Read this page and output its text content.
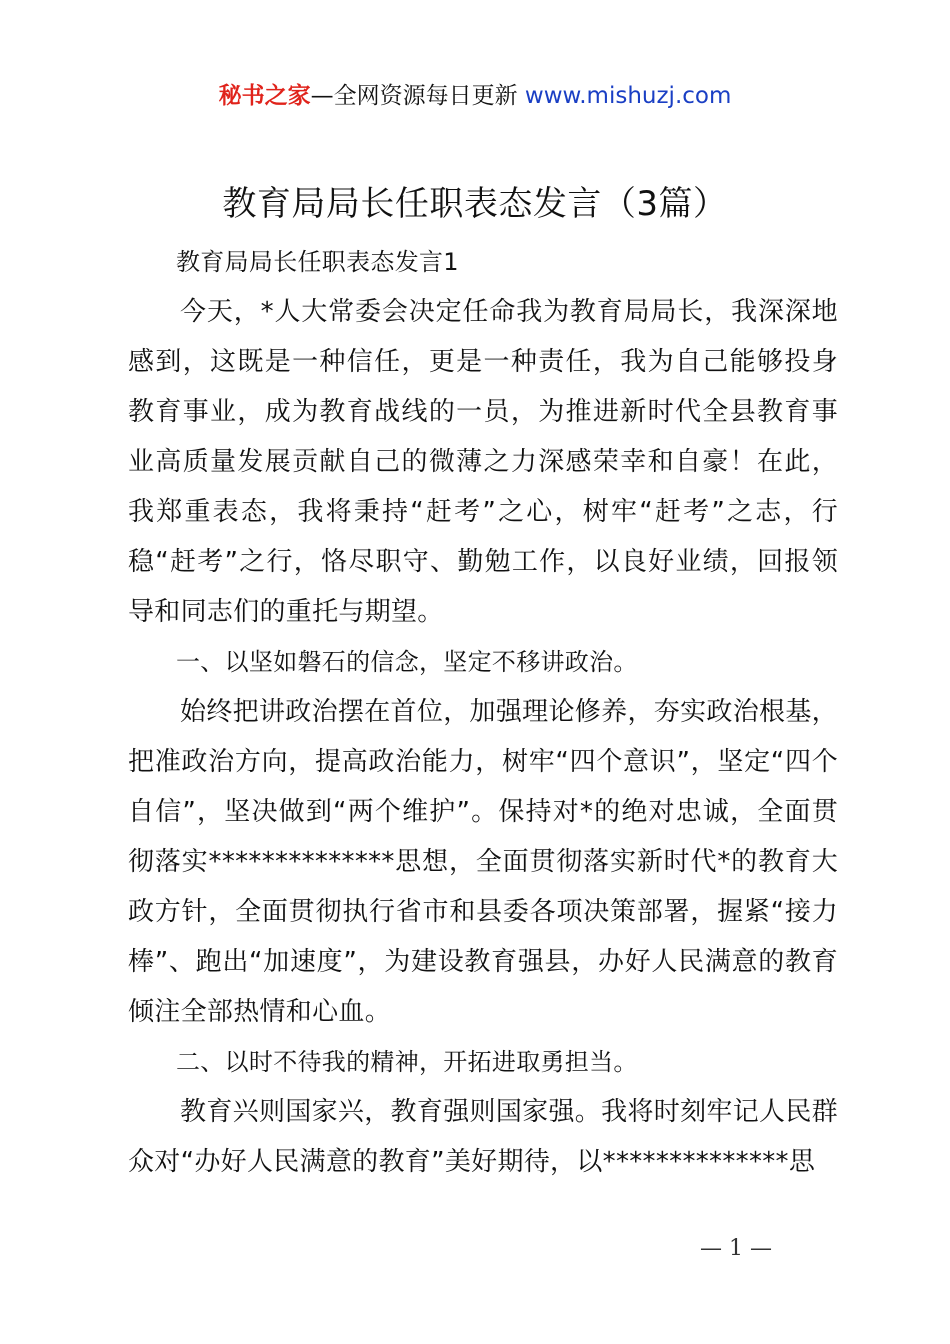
秘书之家—全网资源每日更新 www.mishuzj.com
教育局局长任职表态发言（3篇）

教育局局长任职表态发言1

今天，*人大常委会决定任命我为教育局局长，我深深地感到，这既是一种信任，更是一种责任，我为自己能够投身教育事业，成为教育战线的一员，为推进新时代全县教育事业高质量发展贡献自己的微薄之力深感荣幸和自豪！在此，我郑重表态，我将秉持“赶考”之心，树牢“赶考”之志，行稳“赶考”之行，恪尽职守、勤勉工作，以良好业绩，回报领导和同志们的重托与期望。

一、以坚如磐石的信念，坚定不移讲政治。

始终把讲政治摆在首位，加强理论修养，夯实政治根基，把准政治方向，提高政治能力，树牢“四个意识”，坚定“四个自信”，坚决做到“两个维护”。保持对*的绝对忠诚，全面贯彻落实**************思想，全面贯彻落实新时代*的教育大政方针，全面贯彻执行省市和县委各项决策部署，握紧“接力棒”、跑出“加速度”，为建设教育强县，办好人民满意的教育倾注全部热情和心血。

二、以时不待我的精神，开拓进取勇担当。

教育兴则国家兴，教育强则国家强。我将时刻牢记人民群众对“办好人民满意的教育”美好期待，以**************思

— 1 —
